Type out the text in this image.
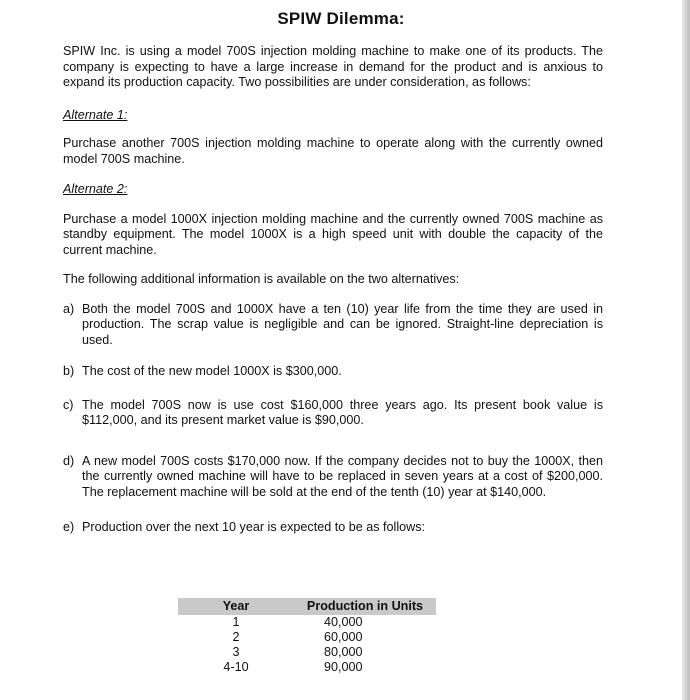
SPIW Dilemma:

SPIW Inc. is using a model 700S injection molding machine to make one of its products. The company is expecting to have a large increase in demand for the product and is anxious to expand its production capacity. Two possibilities are under consideration, as follows:

Alternate 1:

Purchase another 700S injection molding machine to operate along with the currently owned model 700S machine.

Alternate 2:

Purchase a model 1000X injection molding machine and the currently owned 700S machine as standby equipment. The model 1000X is a high speed unit with double the capacity of the current machine.

The following additional information is available on the two alternatives:

a) Both the model 700S and 1000X have a ten (10) year life from the time they are used in production. The scrap value is negligible and can be ignored. Straight-line depreciation is used.
b) The cost of the new model 1000X is $300,000.
c) The model 700S now is use cost $160,000 three years ago. Its present book value is $112,000, and its present market value is $90,000.
d) A new model 700S costs $170,000 now. If the company decides not to buy the 1000X, then the currently owned machine will have to be replaced in seven years at a cost of $200,000. The replacement machine will be sold at the end of the tenth (10) year at $140,000.
e) Production over the next 10 year is expected to be as follows:
Year	Production in Units
1	40,000
2	60,000
3	80,000
4-10	90,000
